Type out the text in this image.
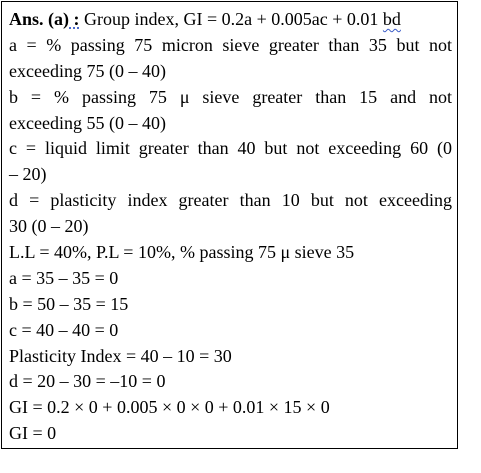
Ans. (a) : Group index, GI = 0.2a + 0.005ac + 0.01 bd
a = % passing 75 micron sieve greater than 35 but not
exceeding 75 (0 – 40)
b = % passing 75 μ sieve greater than 15 and not
exceeding 55 (0 – 40)
c = liquid limit greater than 40 but not exceeding 60 (0
– 20)
d = plasticity index greater than 10 but not exceeding
30 (0 – 20)
L.L = 40%, P.L = 10%, % passing 75 μ sieve 35
a = 35 – 35 = 0
b = 50 – 35 = 15
c = 40 – 40 = 0
Plasticity Index = 40 – 10 = 30
d = 20 – 30 = –10 = 0
GI = 0.2 × 0 + 0.005 × 0 × 0 + 0.01 × 15 × 0
GI = 0
